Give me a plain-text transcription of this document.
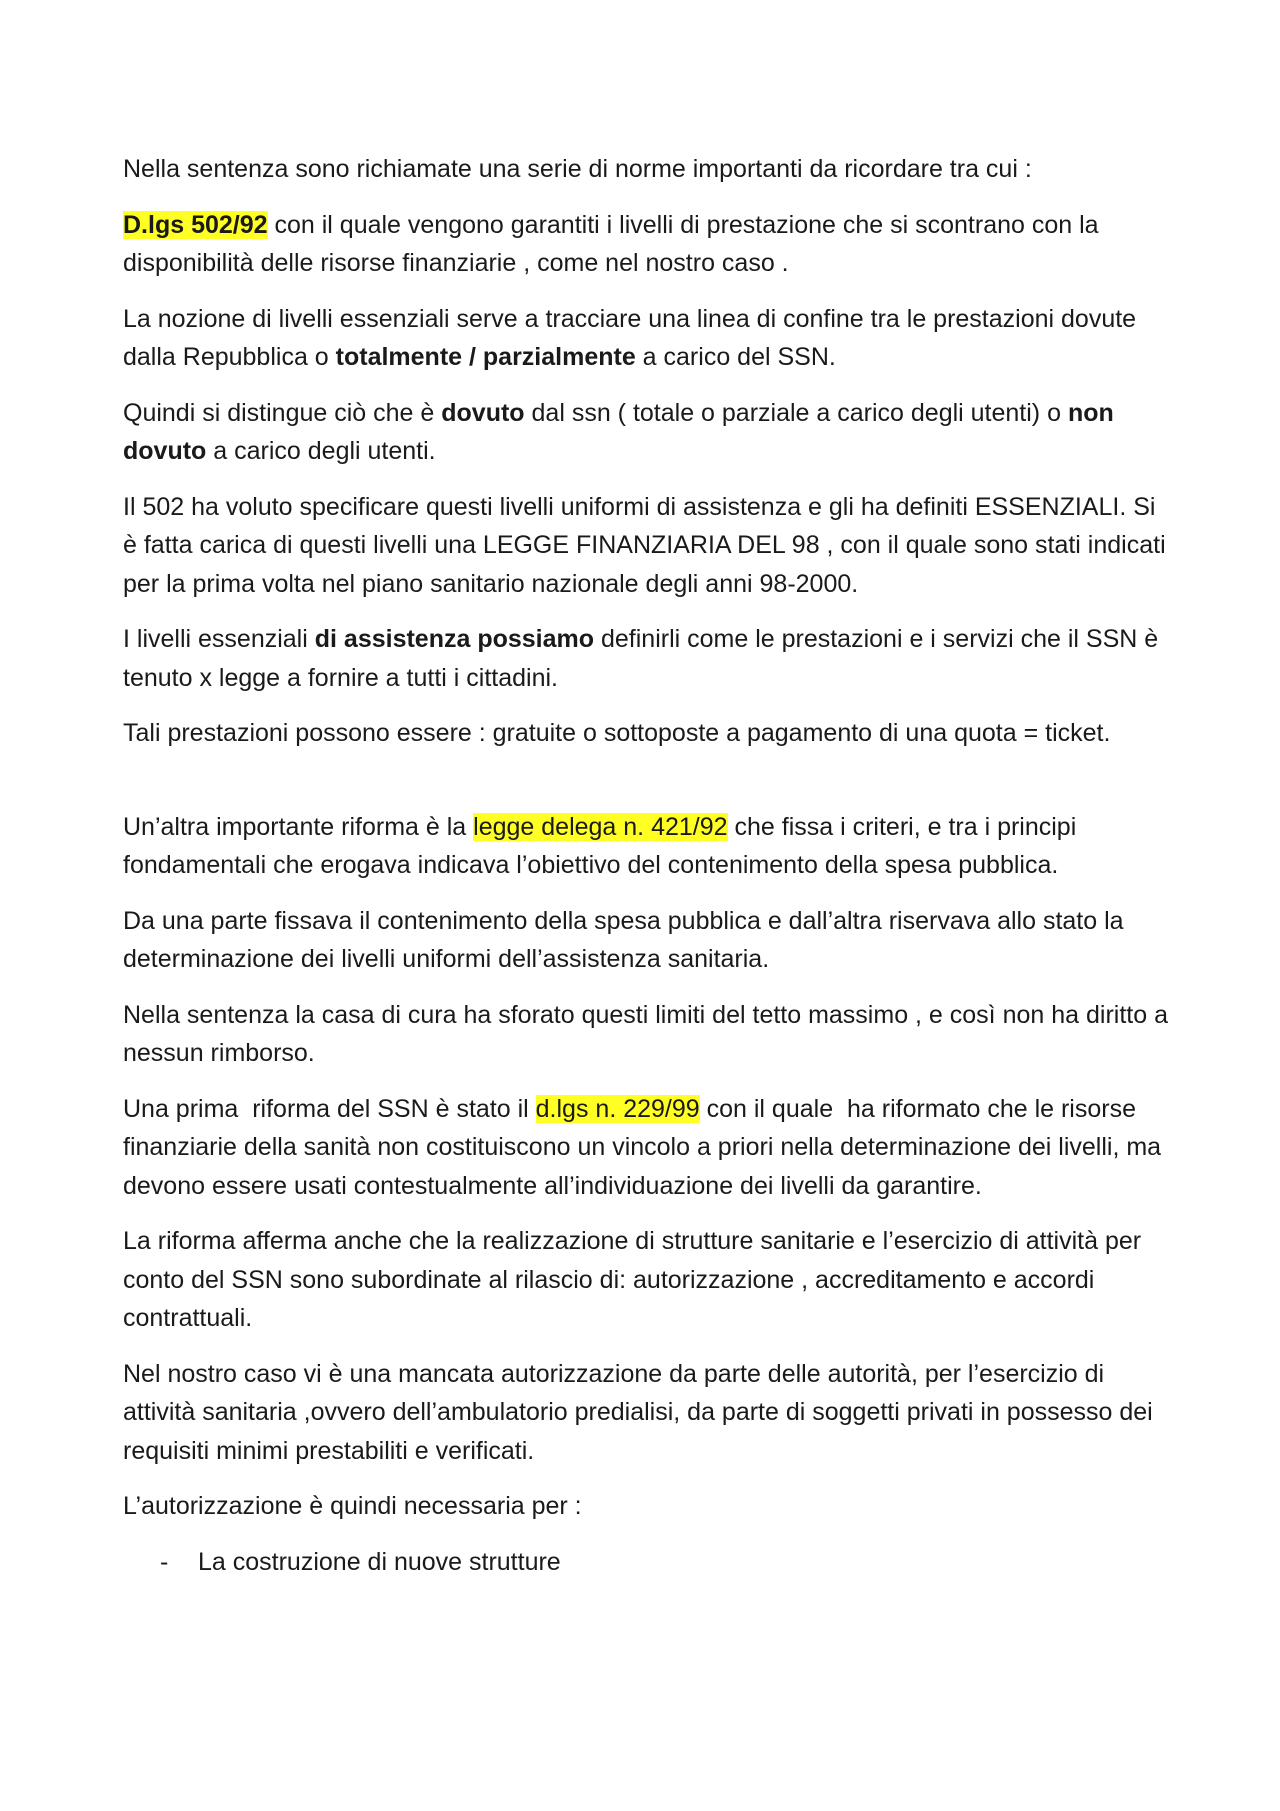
Nella sentenza sono richiamate una serie di norme importanti da ricordare tra cui :

D.lgs 502/92 con il quale vengono garantiti i livelli di prestazione che si scontrano con la disponibilità delle risorse finanziarie , come nel nostro caso .

La nozione di livelli essenziali serve a tracciare una linea di confine tra le prestazioni dovute dalla Repubblica o totalmente / parzialmente a carico del SSN.

Quindi si distingue ciò che è dovuto dal ssn ( totale o parziale a carico degli utenti) o non dovuto a carico degli utenti.

Il 502 ha voluto specificare questi livelli uniformi di assistenza e gli ha definiti ESSENZIALI. Si è fatta carica di questi livelli una LEGGE FINANZIARIA DEL 98 , con il quale sono stati indicati per la prima volta nel piano sanitario nazionale degli anni 98-2000.

I livelli essenziali di assistenza possiamo definirli come le prestazioni e i servizi che il SSN è tenuto x legge a fornire a tutti i cittadini.

Tali prestazioni possono essere : gratuite o sottoposte a pagamento di una quota = ticket.

Un’altra importante riforma è la legge delega n. 421/92 che fissa i criteri, e tra i principi fondamentali che erogava indicava l’obiettivo del contenimento della spesa pubblica.

Da una parte fissava il contenimento della spesa pubblica e dall’altra riservava allo stato la determinazione dei livelli uniformi dell’assistenza sanitaria.

Nella sentenza la casa di cura ha sforato questi limiti del tetto massimo , e così non ha diritto a nessun rimborso.

Una prima  riforma del SSN è stato il d.lgs n. 229/99 con il quale  ha riformato che le risorse finanziarie della sanità non costituiscono un vincolo a priori nella determinazione dei livelli, ma devono essere usati contestualmente all’individuazione dei livelli da garantire.

La riforma afferma anche che la realizzazione di strutture sanitarie e l’esercizio di attività per conto del SSN sono subordinate al rilascio di: autorizzazione , accreditamento e accordi contrattuali.

Nel nostro caso vi è una mancata autorizzazione da parte delle autorità, per l’esercizio di attività sanitaria ,ovvero dell’ambulatorio predialisi, da parte di soggetti privati in possesso dei requisiti minimi prestabiliti e verificati.

L’autorizzazione è quindi necessaria per :

-	La costruzione di nuove strutture
